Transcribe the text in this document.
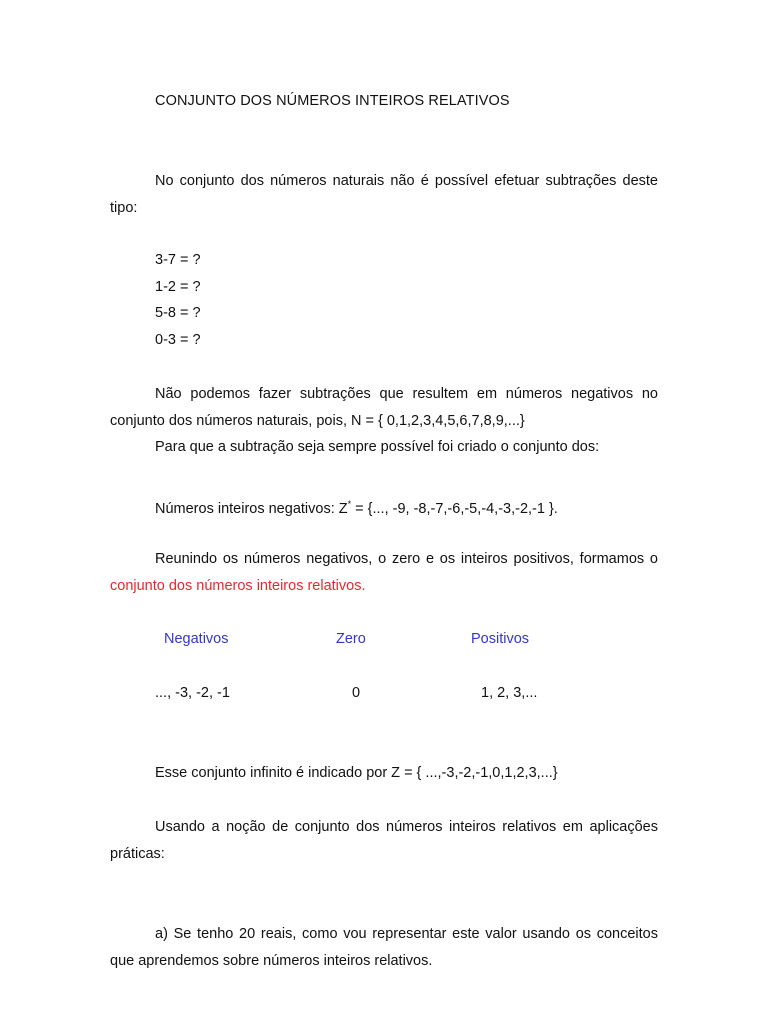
CONJUNTO DOS NÚMEROS INTEIROS RELATIVOS
No conjunto dos números naturais não é possível efetuar subtrações deste tipo:
3-7 = ?
1-2 = ?
5-8 = ?
0-3 = ?
Não podemos fazer subtrações que resultem em números negativos no conjunto dos números naturais, pois, N = { 0,1,2,3,4,5,6,7,8,9,...}
Para que a subtração seja sempre possível foi criado o conjunto dos:
Números inteiros negativos: Z* = {..., -9, -8,-7,-6,-5,-4,-3,-2,-1 }.
Reunindo os números negativos, o zero e os inteiros positivos, formamos o conjunto dos números inteiros relativos.
Negativos	Zero	Positivos
..., -3, -2, -1	0	1, 2, 3,...
Esse conjunto infinito é indicado por Z = { ...,-3,-2,-1,0,1,2,3,...}
Usando a noção de conjunto dos números inteiros relativos em aplicações práticas:
a) Se tenho 20 reais, como vou representar este valor usando os conceitos que aprendemos sobre números inteiros relativos.
